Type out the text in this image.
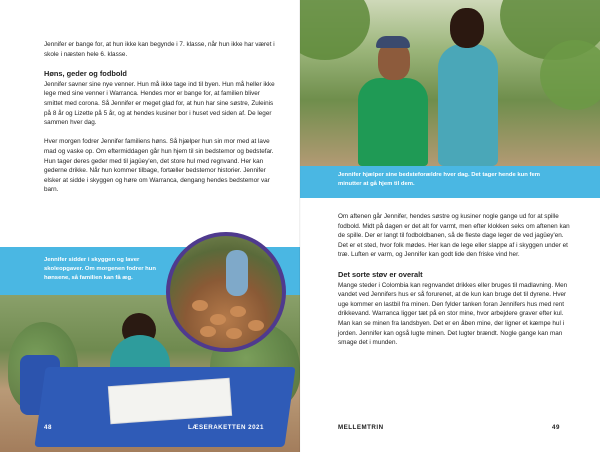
Jennifer er bange for, at hun ikke kan begynde i 7. klasse, når hun ikke har været i skole i næsten hele 6. klasse.

Høns, geder og fodbold

Jennifer savner sine nye venner. Hun må ikke tage ind til byen. Hun må heller ikke lege med sine venner i Warranca. Hendes mor er bange for, at familien bliver smittet med corona. Så Jennifer er meget glad for, at hun har sine søstre, Zuleinis på 8 år og Lizette på 5 år, og at hendes kusiner bor i huset ved siden af. De leger sammen hver dag.

Hver morgen fodrer Jennifer familiens høns. Så hjælper hun sin mor med at lave mad og vaske op. Om eftermiddagen går hun hjem til sin bedstemor og bedstefar. Hun tager deres geder med til jagüey'en, det store hul med regnvand. Her kan gederne drikke. Når hun kommer tilbage, fortæller bedstemor historier. Jennifer elsker at sidde i skyggen og høre om Warranca, dengang hendes bedstemor var barn.

Jennifer sidder i skyggen og laver skoleopgaver. Om morgenen fodrer hun hønsene, så familien kan få æg.
48	LÆSERAKETTEN 2021
Jennifer hjælper sine bedsteforældre hver dag. Det tager hende kun fem minutter at gå hjem til dem.

Om aftenen går Jennifer, hendes søstre og kusiner nogle gange ud for at spille fodbold. Midt på dagen er det alt for varmt, men efter klokken seks om aftenen kan de spille. Der er langt til fodboldbanen, så de fleste dage leger de ved jagüey'en. Det er et sted, hvor folk mødes. Her kan de lege eller slappe af i skyggen under et træ. Luften er varm, og Jennifer kan godt lide den friske vind her.

Det sorte støv er overalt

Mange steder i Colombia kan regnvandet drikkes eller bruges til madlavning. Men vandet ved Jennifers hus er så forurenet, at de kun kan bruge det til dyrene. Hver uge kommer en lastbil fra minen. Den fylder tanken foran Jennifers hus med rent drikkevand. Warranca ligger tæt på en stor mine, hvor arbejdere graver efter kul. Man kan se minen fra landsbyen. Det er en åben mine, der ligner et kæmpe hul i jorden. Jennifer kan også lugte minen. Det lugter brændt. Nogle gange kan man smage det i munden.

MELLEMTRIN	49
